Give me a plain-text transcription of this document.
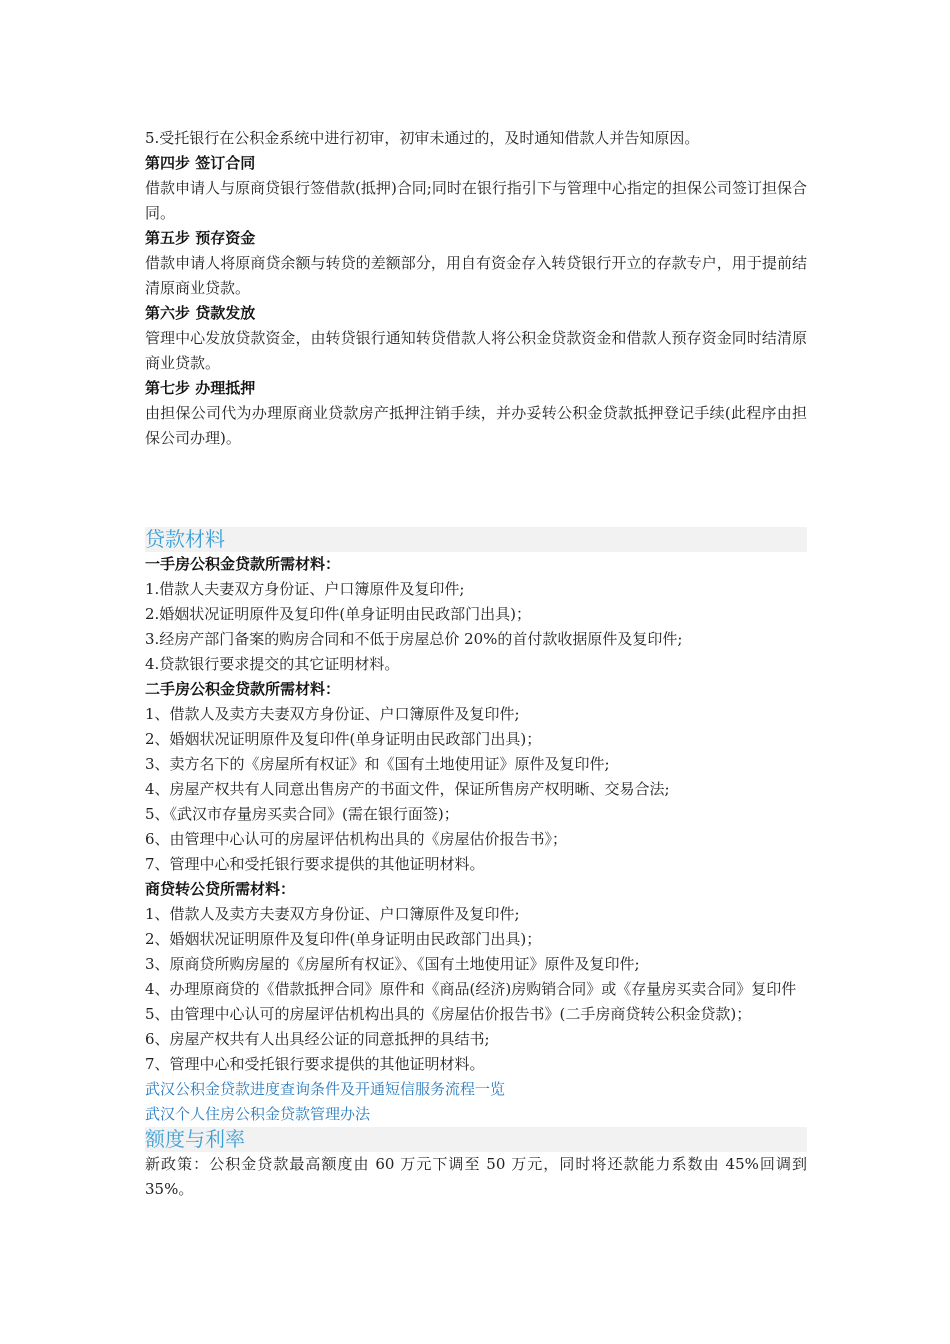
5.受托银行在公积金系统中进行初审，初审未通过的，及时通知借款人并告知原因。
第四步 签订合同
借款申请人与原商贷银行签借款(抵押)合同;同时在银行指引下与管理中心指定的担保公司签订担保合同。
第五步 预存资金
借款申请人将原商贷余额与转贷的差额部分，用自有资金存入转贷银行开立的存款专户，用于提前结清原商业贷款。
第六步 贷款发放
管理中心发放贷款资金，由转贷银行通知转贷借款人将公积金贷款资金和借款人预存资金同时结清原商业贷款。
第七步 办理抵押
由担保公司代为办理原商业贷款房产抵押注销手续，并办妥转公积金贷款抵押登记手续(此程序由担保公司办理)。
贷款材料
一手房公积金贷款所需材料：
1.借款人夫妻双方身份证、户口簿原件及复印件;
2.婚姻状况证明原件及复印件(单身证明由民政部门出具)；
3.经房产部门备案的购房合同和不低于房屋总价 20%的首付款收据原件及复印件;
4.贷款银行要求提交的其它证明材料。
二手房公积金贷款所需材料：
1、借款人及卖方夫妻双方身份证、户口簿原件及复印件;
2、婚姻状况证明原件及复印件(单身证明由民政部门出具)；
3、卖方名下的《房屋所有权证》和《国有土地使用证》原件及复印件;
4、房屋产权共有人同意出售房产的书面文件，保证所售房产权明晰、交易合法;
5、《武汉市存量房买卖合同》(需在银行面签)；
6、由管理中心认可的房屋评估机构出具的《房屋估价报告书》；
7、管理中心和受托银行要求提供的其他证明材料。
商贷转公贷所需材料：
1、借款人及卖方夫妻双方身份证、户口簿原件及复印件;
2、婚姻状况证明原件及复印件(单身证明由民政部门出具)；
3、原商贷所购房屋的《房屋所有权证》、《国有土地使用证》原件及复印件;
4、办理原商贷的《借款抵押合同》原件和《商品(经济)房购销合同》或《存量房买卖合同》复印件
5、由管理中心认可的房屋评估机构出具的《房屋估价报告书》(二手房商贷转公积金贷款)；
6、房屋产权共有人出具经公证的同意抵押的具结书;
7、管理中心和受托银行要求提供的其他证明材料。
武汉公积金贷款进度查询条件及开通短信服务流程一览
武汉个人住房公积金贷款管理办法
额度与利率
新政策：公积金贷款最高额度由 60 万元下调至 50 万元，同时将还款能力系数由 45%回调到 35%。
